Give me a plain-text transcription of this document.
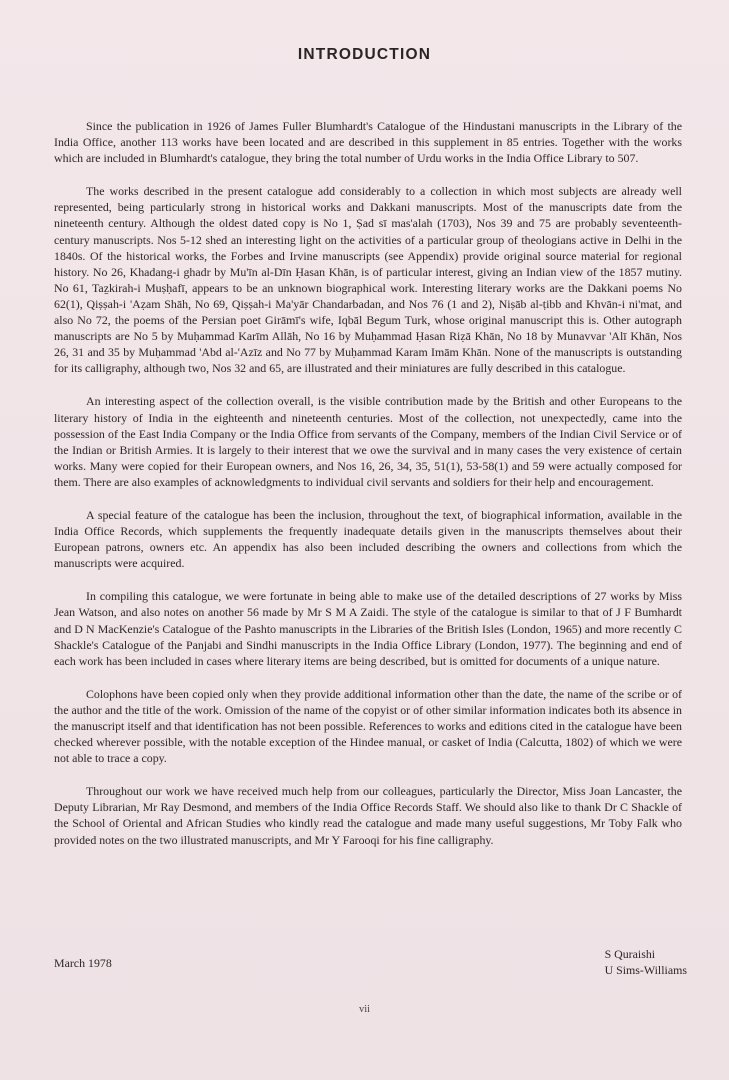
INTRODUCTION

Since the publication in 1926 of James Fuller Blumhardt's Catalogue of the Hindustani manuscripts in the Library of the India Office, another 113 works have been located and are described in this supplement in 85 entries. Together with the works which are included in Blumhardt's catalogue, they bring the total number of Urdu works in the India Office Library to 507.

The works described in the present catalogue add considerably to a collection in which most subjects are already well represented, being particularly strong in historical works and Dakkani manuscripts. Most of the manuscripts date from the nineteenth century. Although the oldest dated copy is No 1, Ṣad sī mas'alah (1703), Nos 39 and 75 are probably seventeenth-century manuscripts. Nos 5-12 shed an interesting light on the activities of a particular group of theologians active in Delhi in the 1840s. Of the historical works, the Forbes and Irvine manuscripts (see Appendix) provide original source material for regional history. No 26, Khadang-i ghadr by Mu'īn al-Dīn Ḥasan Khān, is of particular interest, giving an Indian view of the 1857 mutiny. No 61, Taẕkirah-i Muṣḥafī, appears to be an unknown biographical work. Interesting literary works are the Dakkani poems No 62(1), Qiṣṣah-i 'Aẓam Shāh, No 69, Qiṣṣah-i Ma'yār Chandarbadan, and Nos 76 (1 and 2), Niṣāb al-ṭibb and Khvān-i ni'mat, and also No 72, the poems of the Persian poet Girāmī's wife, Iqbāl Begum Turk, whose original manuscript this is. Other autograph manuscripts are No 5 by Muḥammad Karīm Allāh, No 16 by Muḥammad Ḥasan Riẓā Khān, No 18 by Munavvar 'Alī Khān, Nos 26, 31 and 35 by Muḥammad 'Abd al-'Azīz and No 77 by Muḥammad Karam Imām Khān. None of the manuscripts is outstanding for its calligraphy, although two, Nos 32 and 65, are illustrated and their miniatures are fully described in this catalogue.

An interesting aspect of the collection overall, is the visible contribution made by the British and other Europeans to the literary history of India in the eighteenth and nineteenth centuries. Most of the collection, not unexpectedly, came into the possession of the East India Company or the India Office from servants of the Company, members of the Indian Civil Service or of the Indian or British Armies. It is largely to their interest that we owe the survival and in many cases the very existence of certain works. Many were copied for their European owners, and Nos 16, 26, 34, 35, 51(1), 53-58(1) and 59 were actually composed for them. There are also examples of acknowledgments to individual civil servants and soldiers for their help and encouragement.

A special feature of the catalogue has been the inclusion, throughout the text, of biographical information, available in the India Office Records, which supplements the frequently inadequate details given in the manuscripts themselves about their European patrons, owners etc. An appendix has also been included describing the owners and collections from which the manuscripts were acquired.

In compiling this catalogue, we were fortunate in being able to make use of the detailed descriptions of 27 works by Miss Jean Watson, and also notes on another 56 made by Mr S M A Zaidi. The style of the catalogue is similar to that of J F Bumhardt and D N MacKenzie's Catalogue of the Pashto manuscripts in the Libraries of the British Isles (London, 1965) and more recently C Shackle's Catalogue of the Panjabi and Sindhi manuscripts in the India Office Library (London, 1977). The beginning and end of each work has been included in cases where literary items are being described, but is omitted for documents of a unique nature.

Colophons have been copied only when they provide additional information other than the date, the name of the scribe or of the author and the title of the work. Omission of the name of the copyist or of other similar information indicates both its absence in the manuscript itself and that identification has not been possible. References to works and editions cited in the catalogue have been checked wherever possible, with the notable exception of the Hindee manual, or casket of India (Calcutta, 1802) of which we were not able to trace a copy.

Throughout our work we have received much help from our colleagues, particularly the Director, Miss Joan Lancaster, the Deputy Librarian, Mr Ray Desmond, and members of the India Office Records Staff. We should also like to thank Dr C Shackle of the School of Oriental and African Studies who kindly read the catalogue and made many useful suggestions, Mr Toby Falk who provided notes on the two illustrated manuscripts, and Mr Y Farooqi for his fine calligraphy.

March 1978
S Quraishi
U Sims-Williams
vii
